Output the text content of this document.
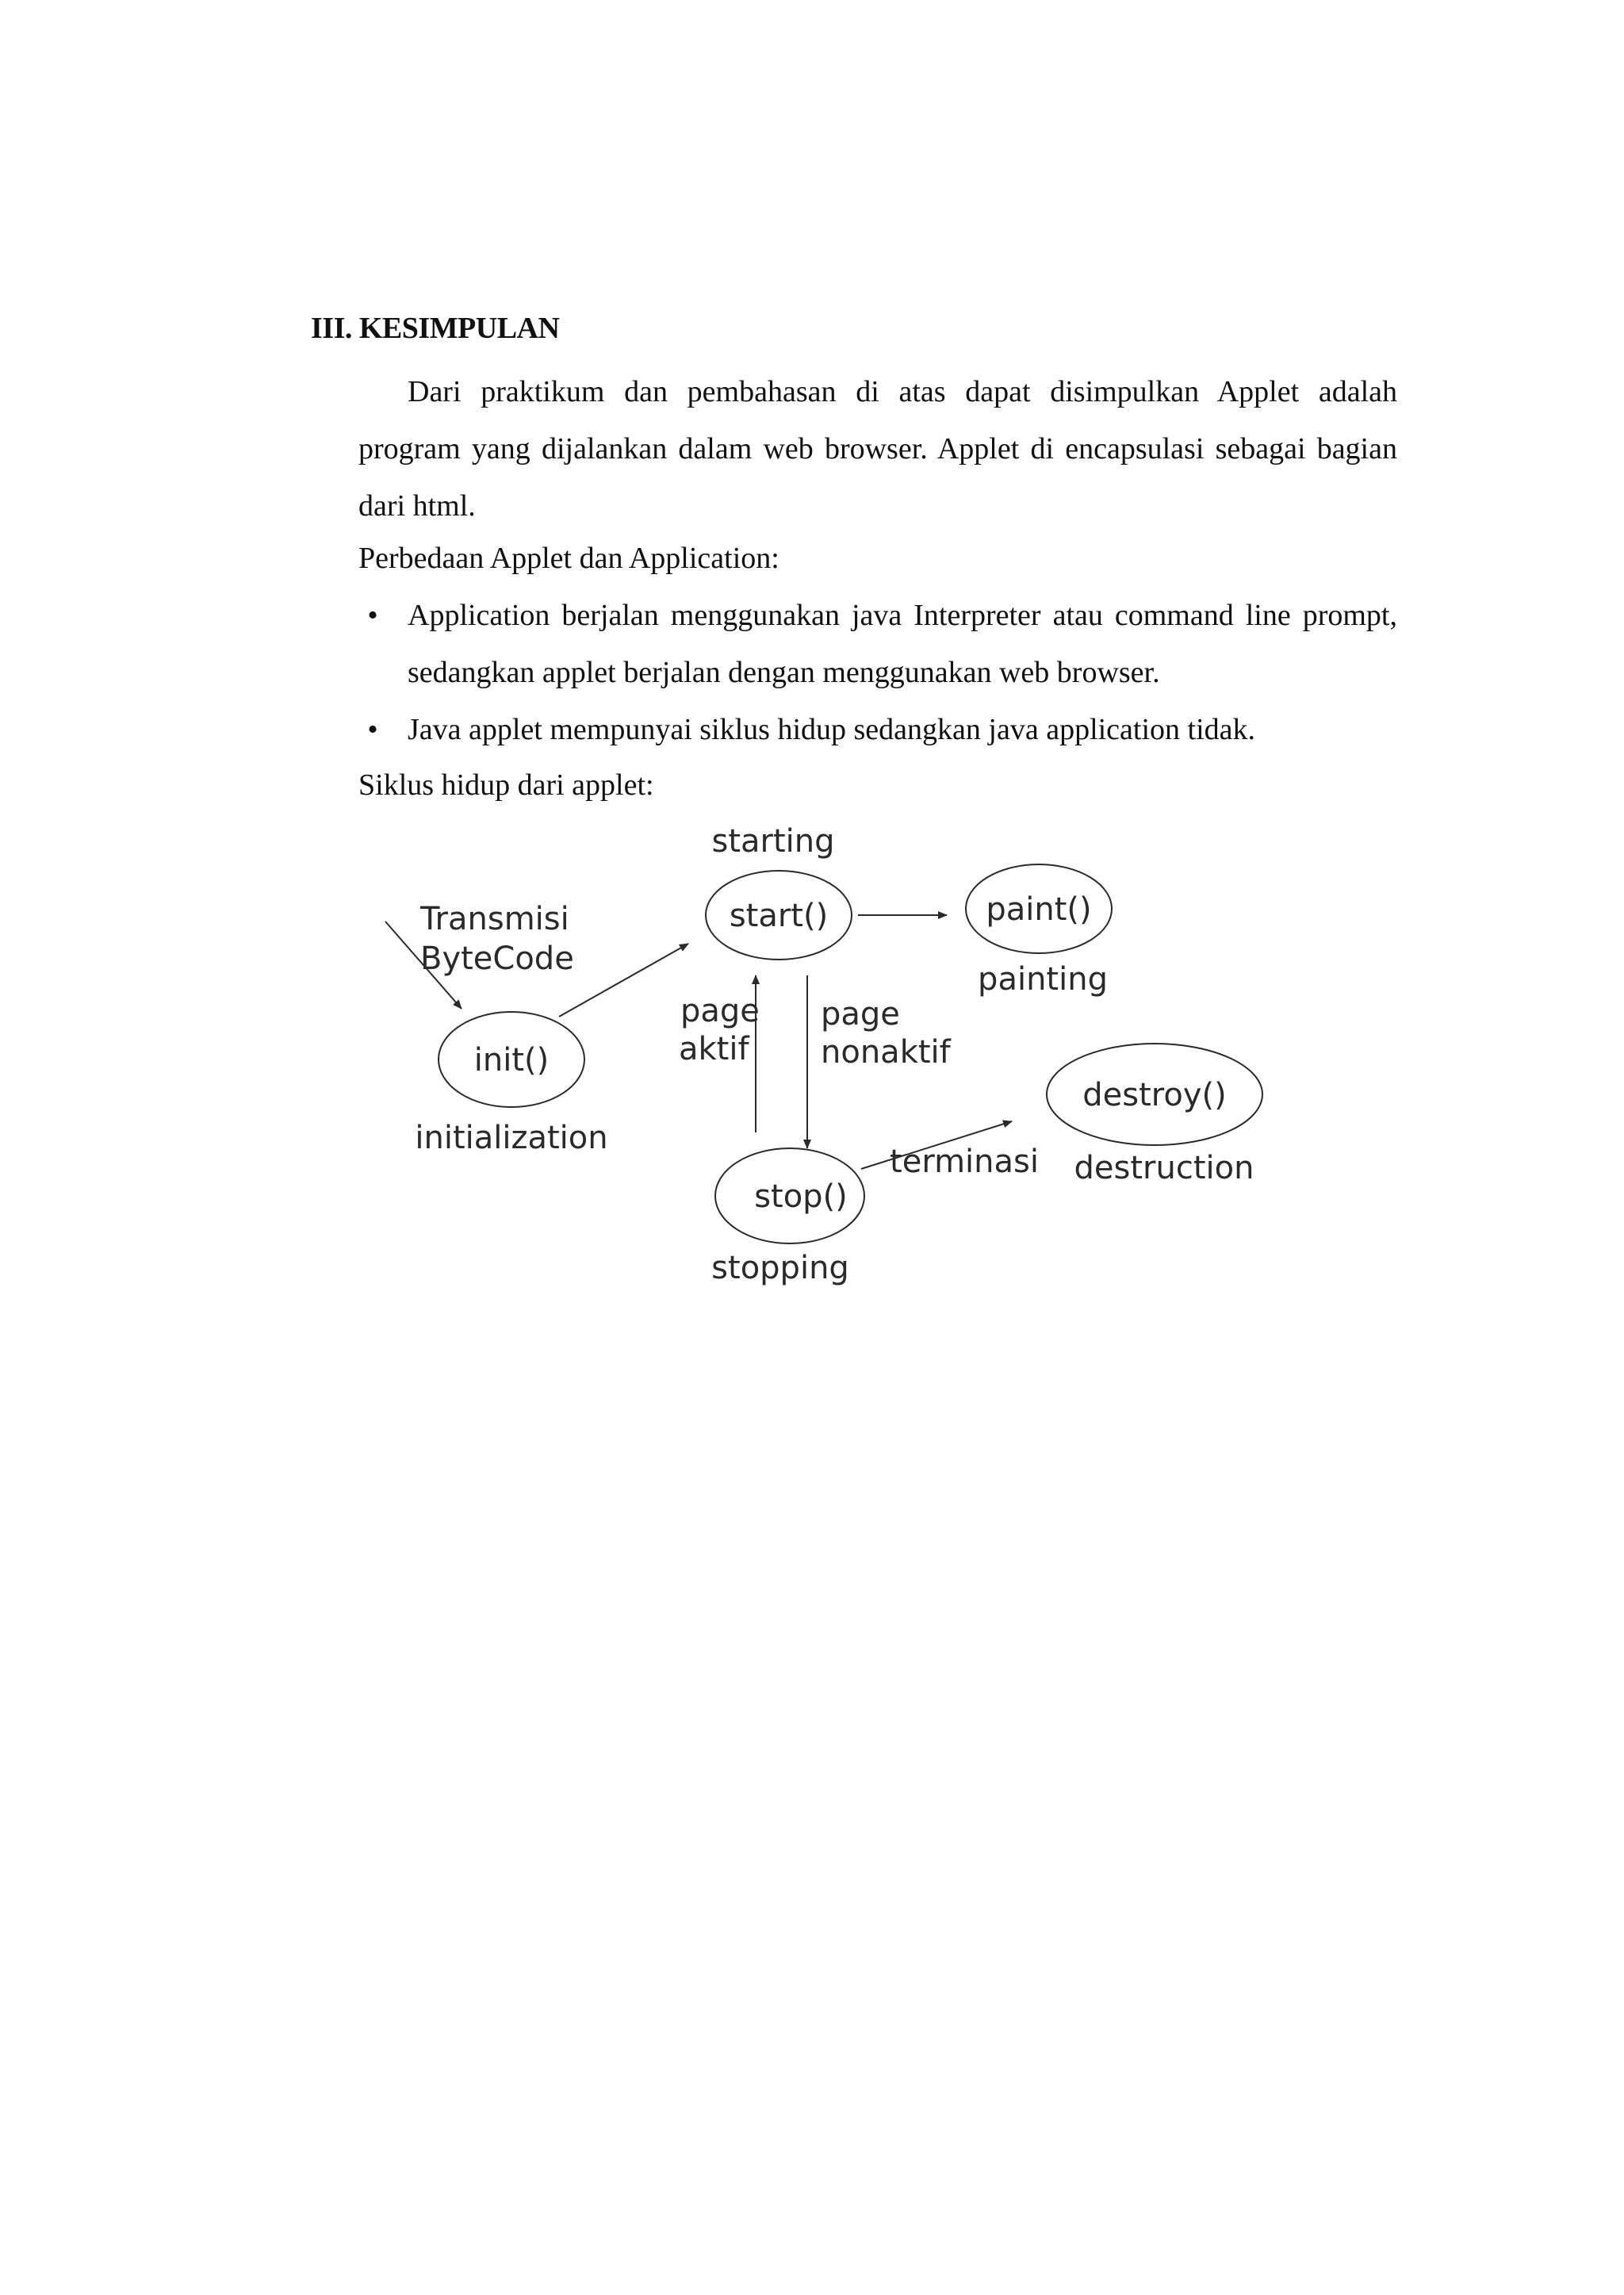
III. KESIMPULAN

Dari praktikum dan pembahasan di atas dapat disimpulkan Applet adalah program yang dijalankan dalam web browser. Applet di encapsulasi sebagai bagian dari html.

Perbedaan Applet dan Application:

• Application berjalan menggunakan java Interpreter atau command line prompt, sedangkan applet berjalan dengan menggunakan web browser.
• Java applet mempunyai siklus hidup sedangkan java application tidak.

Siklus hidup dari applet:

Transmisi
ByteCode
init()
initialization
start()
starting
paint()
painting
page
aktif
page
nonaktif
stop()
stopping
terminasi
destroy()
destruction
